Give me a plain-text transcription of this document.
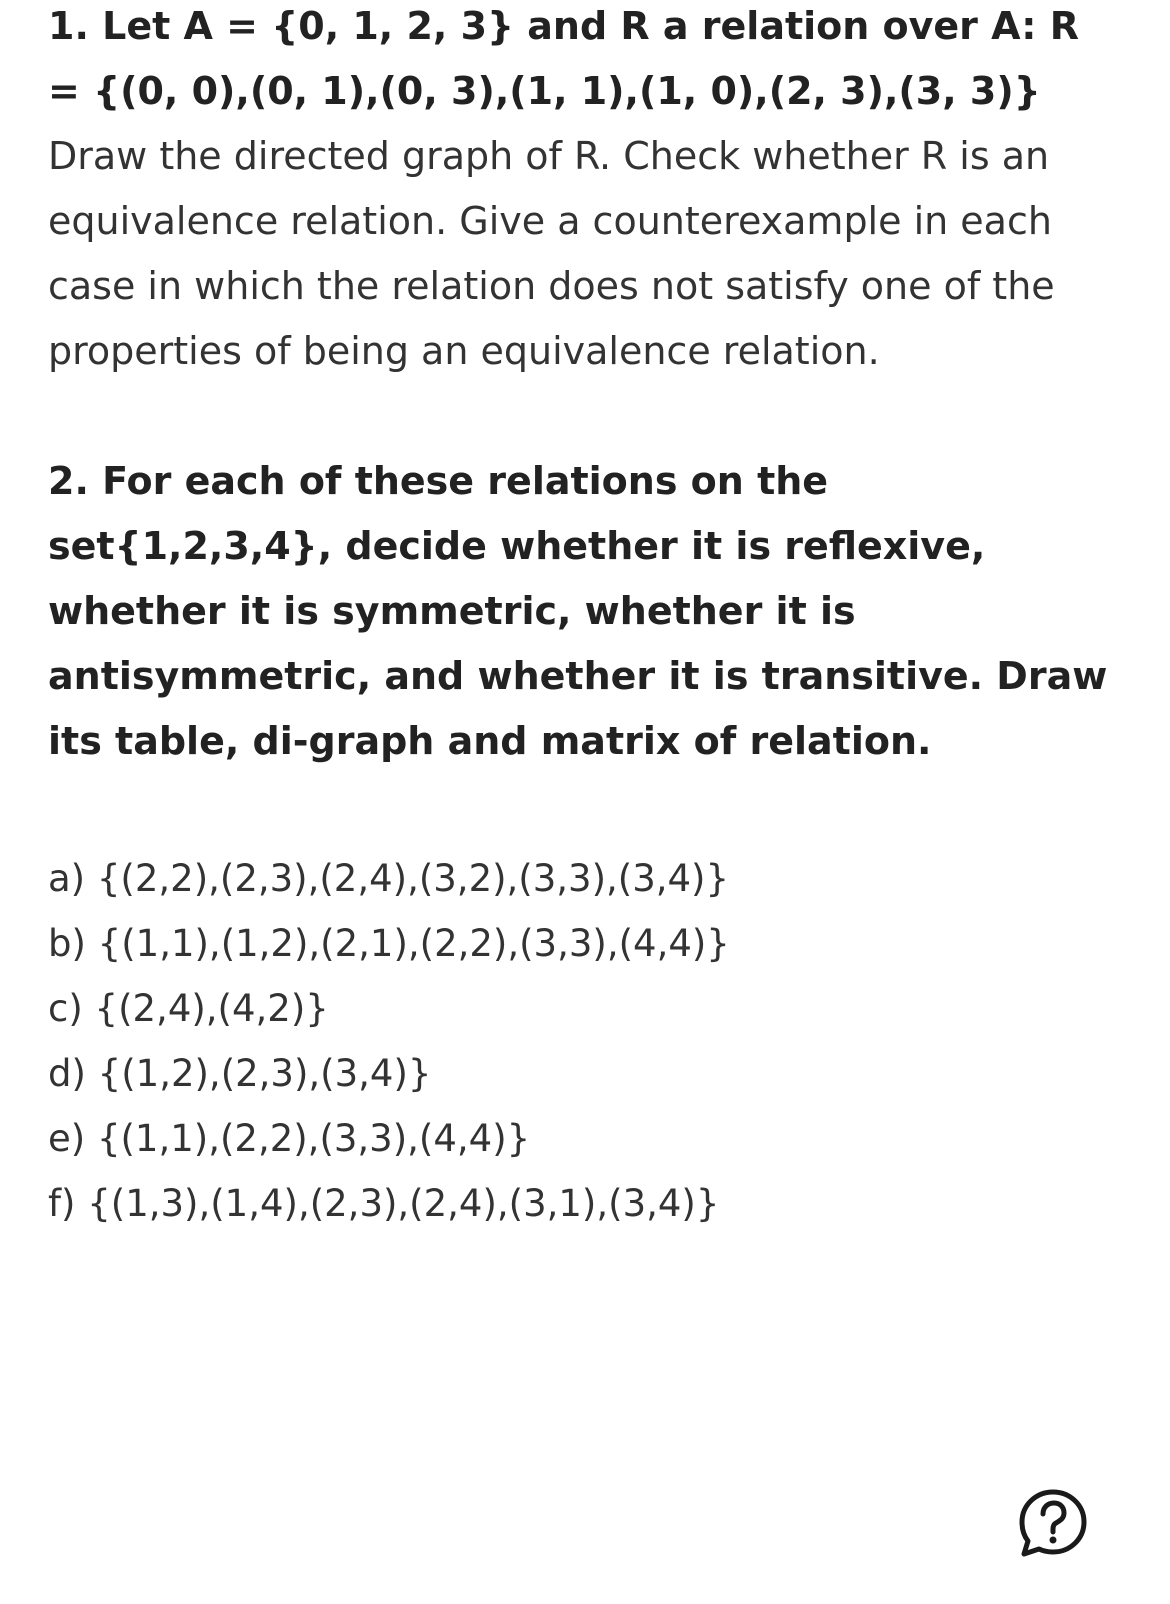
1. Let A = {0, 1, 2, 3} and R a relation over A: R = {(0, 0),(0, 1),(0, 3),(1, 1),(1, 0),(2, 3),(3, 3)}

Draw the directed graph of R. Check whether R is an equivalence relation. Give a counterexample in each case in which the relation does not satisfy one of the properties of being an equivalence relation.

2. For each of these relations on the set{1,2,3,4}, decide whether it is reflexive, whether it is symmetric, whether it is antisymmetric, and whether it is transitive. Draw its table, di-graph and matrix of relation.

a) {(2,2),(2,3),(2,4),(3,2),(3,3),(3,4)}
b) {(1,1),(1,2),(2,1),(2,2),(3,3),(4,4)}
c) {(2,4),(4,2)}
d) {(1,2),(2,3),(3,4)}
e) {(1,1),(2,2),(3,3),(4,4)}
f) {(1,3),(1,4),(2,3),(2,4),(3,1),(3,4)}
